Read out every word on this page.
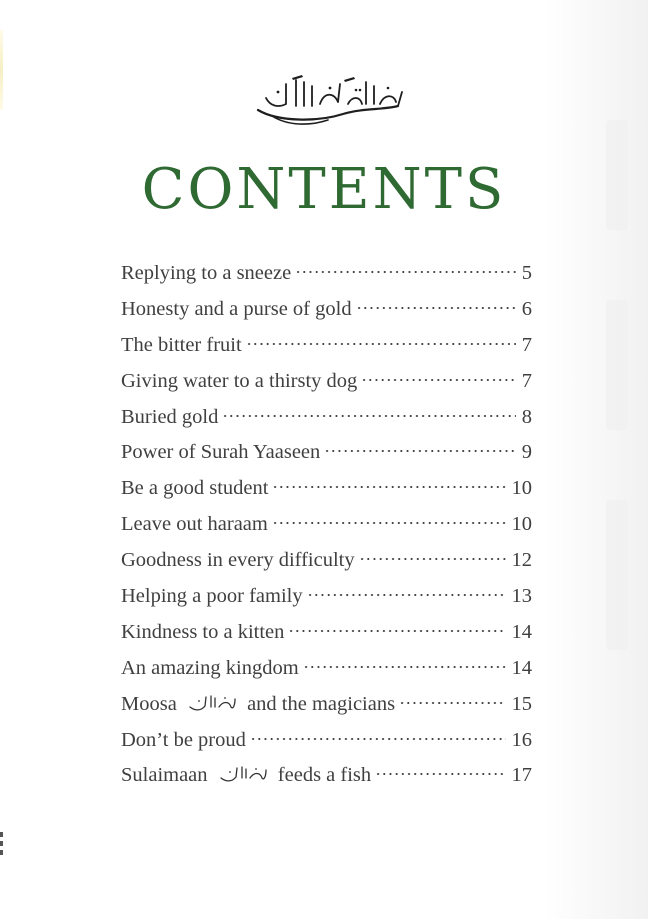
CONTENTS
Replying to a sneeze	5
Honesty and a purse of gold	6
The bitter fruit	7
Giving water to a thirsty dog	7
Buried gold	8
Power of Surah Yaaseen	9
Be a good student	10
Leave out haraam	10
Goodness in every difficulty	12
Helping a poor family	13
Kindness to a kitten	14
An amazing kingdom	14
Moosa	and the magicians	15
Don’t be proud	16
Sulaimaan	feeds a fish	17
